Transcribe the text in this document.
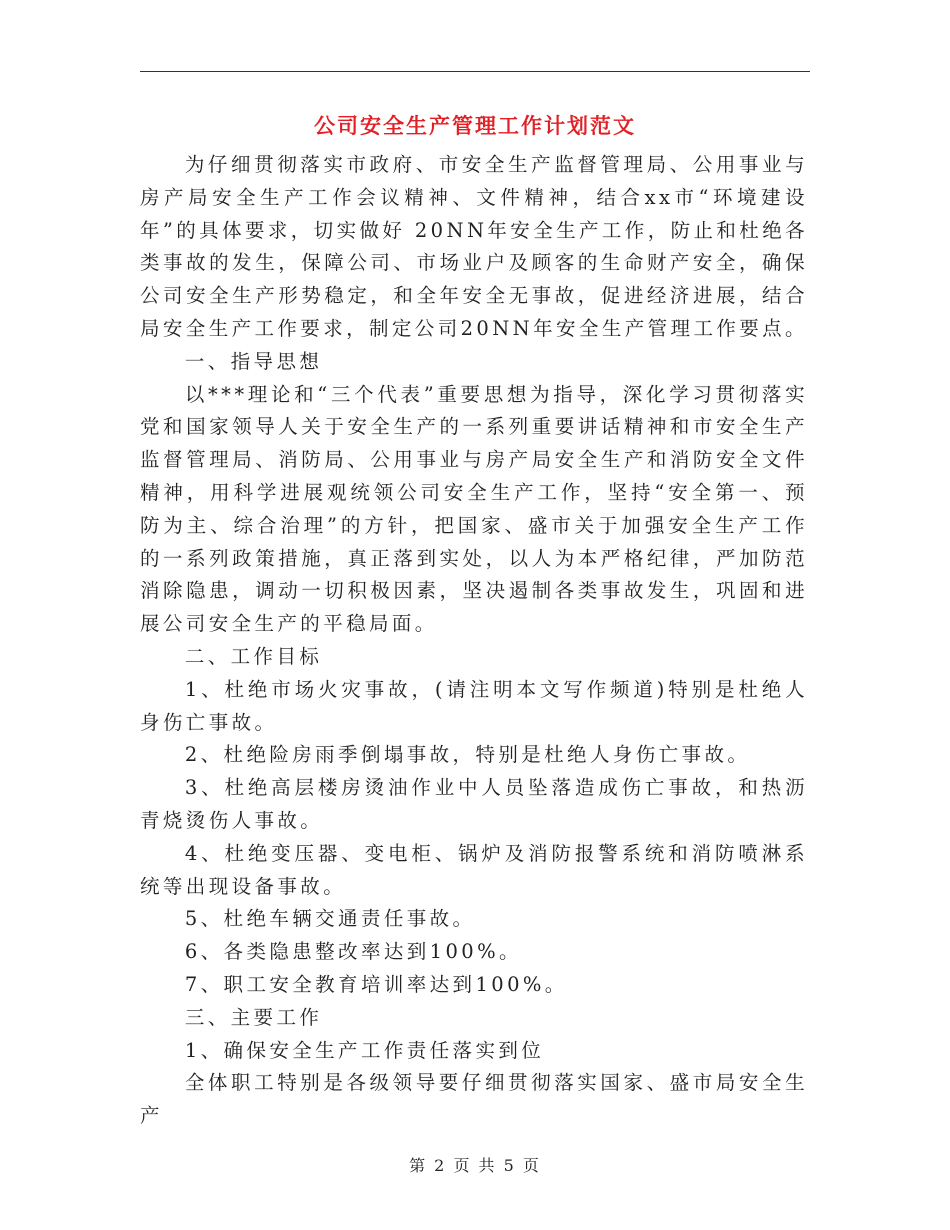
公司安全生产管理工作计划范文

为仔细贯彻落实市政府、市安全生产监督管理局、公用事业与房产局安全生产工作会议精神、文件精神，结合xx市“环境建设年”的具体要求，切实做好 20NN年安全生产工作，防止和杜绝各类事故的发生，保障公司、市场业户及顾客的生命财产安全，确保公司安全生产形势稳定，和全年安全无事故，促进经济进展，结合局安全生产工作要求，制定公司20NN年安全生产管理工作要点。

一、指导思想

以***理论和“三个代表”重要思想为指导，深化学习贯彻落实党和国家领导人关于安全生产的一系列重要讲话精神和市安全生产监督管理局、消防局、公用事业与房产局安全生产和消防安全文件精神，用科学进展观统领公司安全生产工作，坚持“安全第一、预防为主、综合治理”的方针，把国家、盛市关于加强安全生产工作的一系列政策措施，真正落到实处，以人为本严格纪律，严加防范消除隐患，调动一切积极因素，坚决遏制各类事故发生，巩固和进展公司安全生产的平稳局面。

二、工作目标

1、杜绝市场火灾事故，(请注明本文写作频道)特别是杜绝人身伤亡事故。

2、杜绝险房雨季倒塌事故，特别是杜绝人身伤亡事故。

3、杜绝高层楼房烫油作业中人员坠落造成伤亡事故，和热沥青烧烫伤人事故。

4、杜绝变压器、变电柜、锅炉及消防报警系统和消防喷淋系统等出现设备事故。

5、杜绝车辆交通责任事故。

6、各类隐患整改率达到100%。

7、职工安全教育培训率达到100%。

三、主要工作

1、确保安全生产工作责任落实到位

全体职工特别是各级领导要仔细贯彻落实国家、盛市局安全生产

第 2 页 共 5 页
